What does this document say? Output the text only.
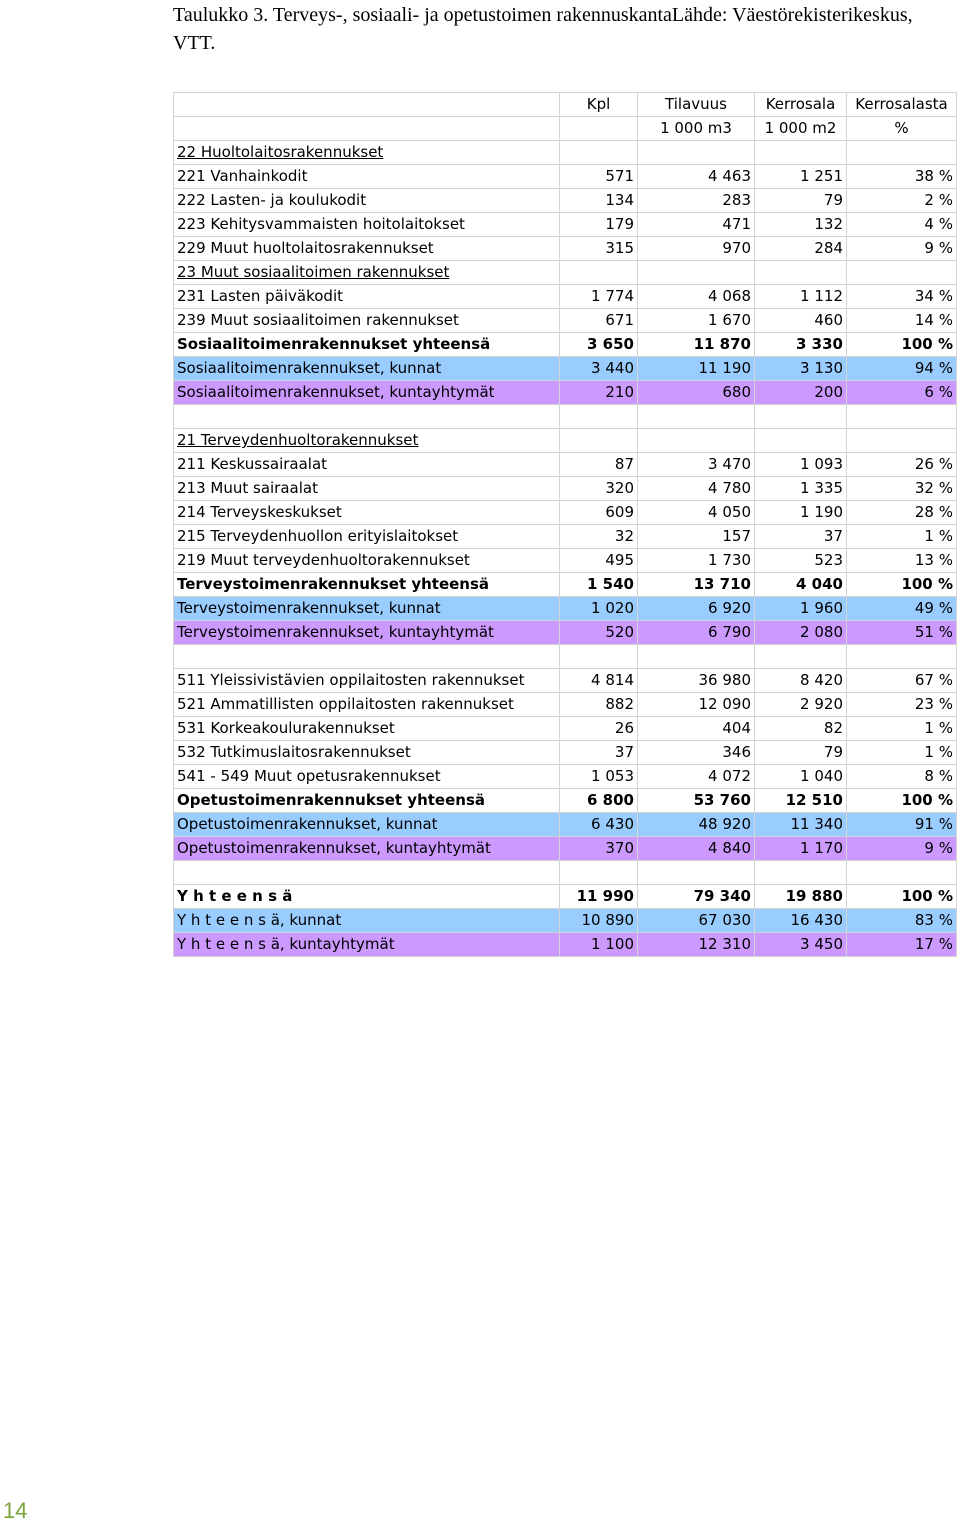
Taulukko 3. Terveys-, sosiaali- ja opetustoimen rakennuskantaLähde: Väestörekisterikeskus, VTT.
	Kpl	Tilavuus	Kerrosala	Kerrosalasta
		1 000 m3	1 000 m2	%
22 Huoltolaitosrakennukset				
221 Vanhainkodit	571	4 463	1 251	38 %
222 Lasten- ja koulukodit	134	283	79	2 %
223 Kehitysvammaisten hoitolaitokset	179	471	132	4 %
229 Muut huoltolaitosrakennukset	315	970	284	9 %
23 Muut sosiaalitoimen rakennukset				
231 Lasten päiväkodit	1 774	4 068	1 112	34 %
239 Muut sosiaalitoimen rakennukset	671	1 670	460	14 %
Sosiaalitoimenrakennukset yhteensä	3 650	11 870	3 330	100 %
Sosiaalitoimenrakennukset, kunnat	3 440	11 190	3 130	94 %
Sosiaalitoimenrakennukset, kuntayhtymät	210	680	200	6 %

21 Terveydenhuoltorakennukset				
211 Keskussairaalat	87	3 470	1 093	26 %
213 Muut sairaalat	320	4 780	1 335	32 %
214 Terveyskeskukset	609	4 050	1 190	28 %
215 Terveydenhuollon erityislaitokset	32	157	37	1 %
219 Muut terveydenhuoltorakennukset	495	1 730	523	13 %
Terveystoimenrakennukset yhteensä	1 540	13 710	4 040	100 %
Terveystoimenrakennukset, kunnat	1 020	6 920	1 960	49 %
Terveystoimenrakennukset, kuntayhtymät	520	6 790	2 080	51 %

511 Yleissivistävien oppilaitosten rakennukset	4 814	36 980	8 420	67 %
521 Ammatillisten oppilaitosten rakennukset	882	12 090	2 920	23 %
531 Korkeakoulurakennukset	26	404	82	1 %
532 Tutkimuslaitosrakennukset	37	346	79	1 %
541 - 549 Muut opetusrakennukset	1 053	4 072	1 040	8 %
Opetustoimenrakennukset yhteensä	6 800	53 760	12 510	100 %
Opetustoimenrakennukset, kunnat	6 430	48 920	11 340	91 %
Opetustoimenrakennukset, kuntayhtymät	370	4 840	1 170	9 %

Y h t e e n s ä	11 990	79 340	19 880	100 %
Y h t e e n s ä, kunnat	10 890	67 030	16 430	83 %
Y h t e e n s ä, kuntayhtymät	1 100	12 310	3 450	17 %
14
